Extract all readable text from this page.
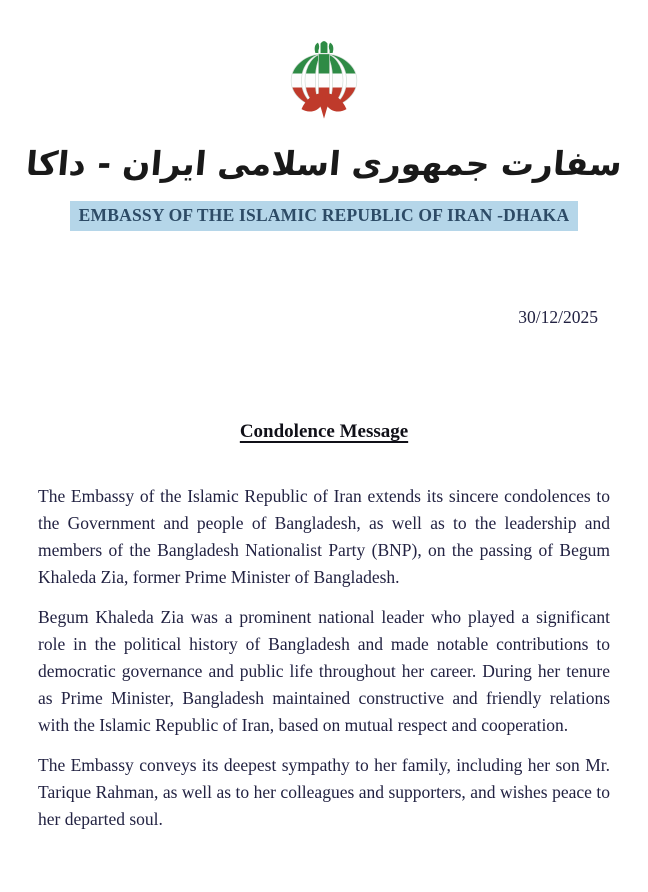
سفارت جمهوری اسلامی ایران - داکا
EMBASSY OF THE ISLAMIC REPUBLIC OF IRAN -DHAKA
30/12/2025
Condolence Message

The Embassy of the Islamic Republic of Iran extends its sincere condolences to the Government and people of Bangladesh, as well as to the leadership and members of the Bangladesh Nationalist Party (BNP), on the passing of Begum Khaleda Zia, former Prime Minister of Bangladesh.

Begum Khaleda Zia was a prominent national leader who played a significant role in the political history of Bangladesh and made notable contributions to democratic governance and public life throughout her career. During her tenure as Prime Minister, Bangladesh maintained constructive and friendly relations with the Islamic Republic of Iran, based on mutual respect and cooperation.

The Embassy conveys its deepest sympathy to her family, including her son Mr. Tarique Rahman, as well as to her colleagues and supporters, and wishes peace to her departed soul.
